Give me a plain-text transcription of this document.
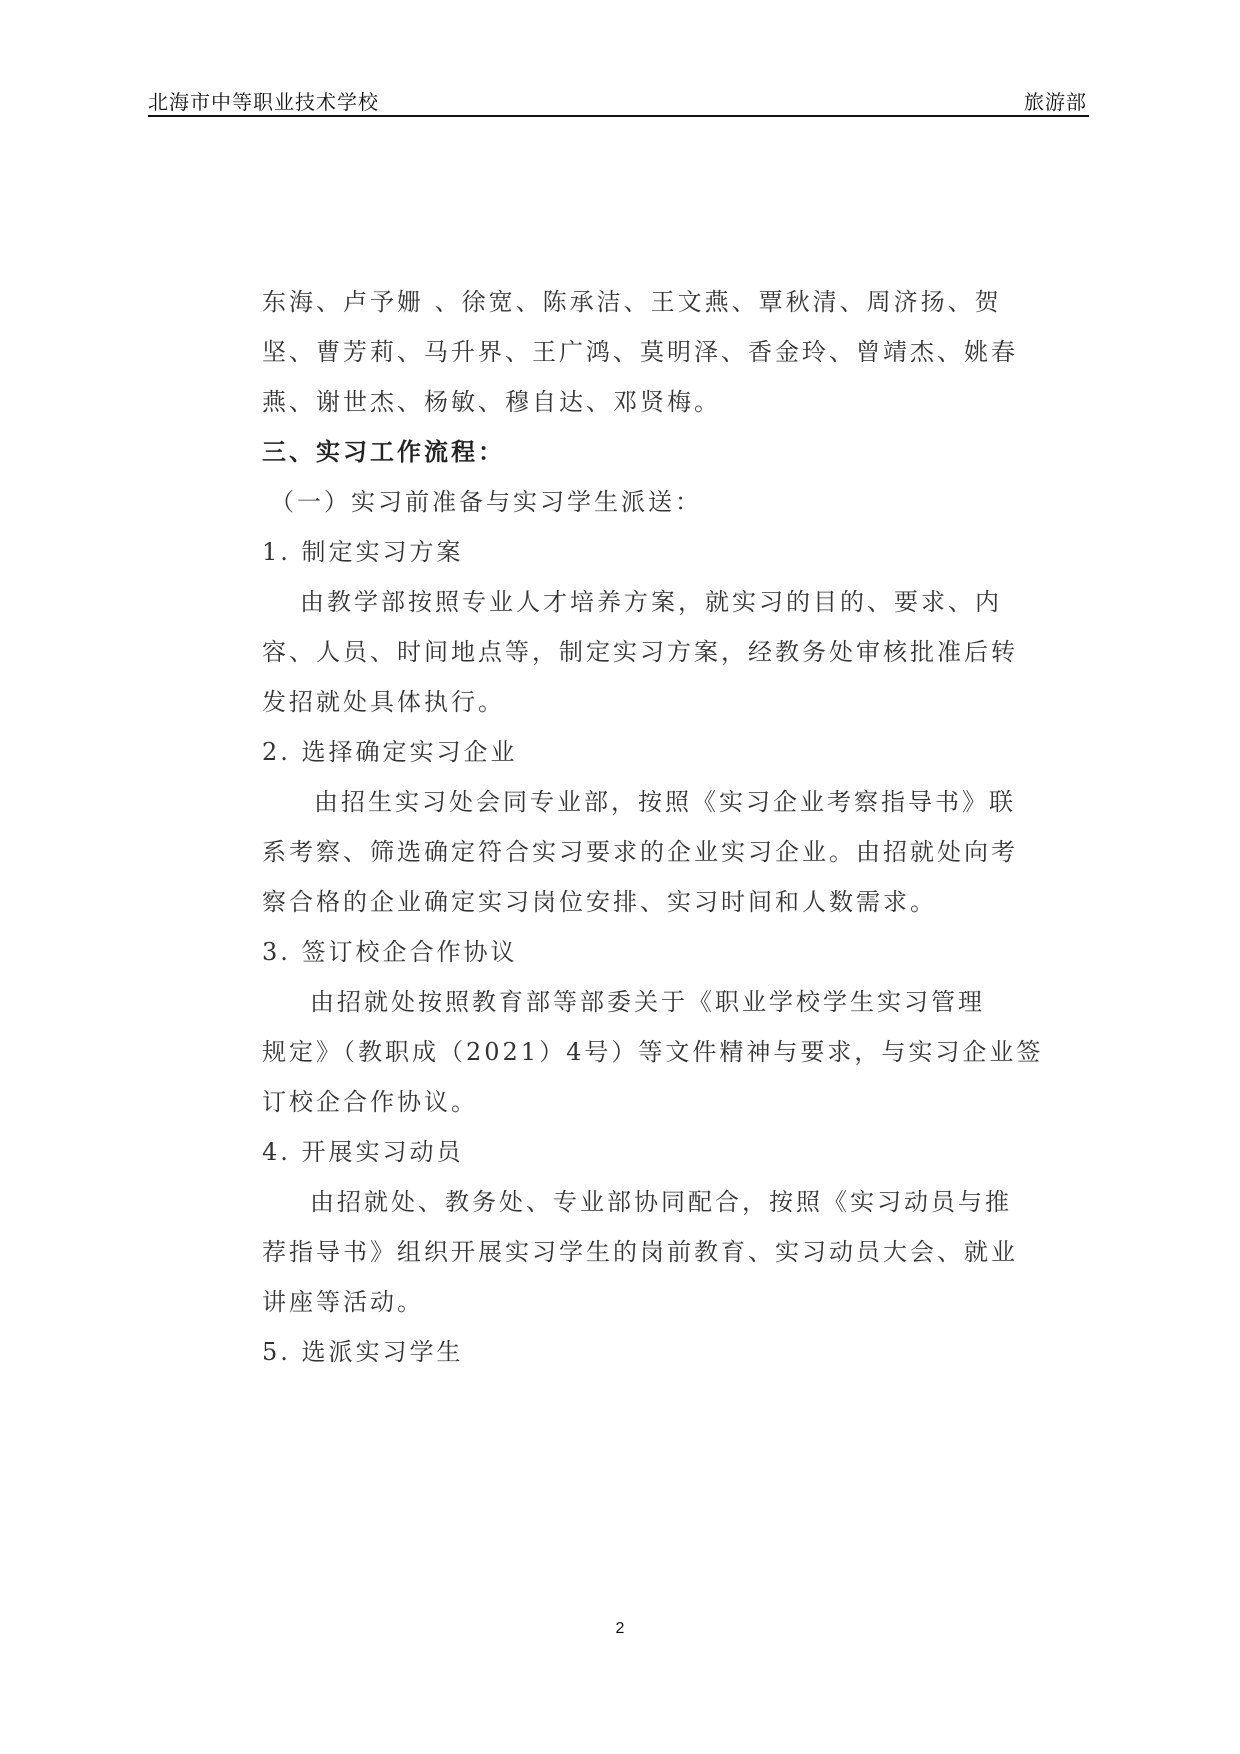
北海市中等职业技术学校	旅游部
东海、卢予姗 、徐宽、陈承洁、王文燕、覃秋清、周济扬、贺
坚、曹芳莉、马升界、王广鸿、莫明泽、香金玲、曾靖杰、姚春
燕、谢世杰、杨敏、穆自达、邓贤梅。
三、实习工作流程：
（一）实习前准备与实习学生派送：
1. 制定实习方案
由教学部按照专业人才培养方案，就实习的目的、要求、内
容、人员、时间地点等，制定实习方案，经教务处审核批准后转
发招就处具体执行。
2. 选择确定实习企业
由招生实习处会同专业部，按照《实习企业考察指导书》联
系考察、筛选确定符合实习要求的企业实习企业。由招就处向考
察合格的企业确定实习岗位安排、实习时间和人数需求。
3. 签订校企合作协议
由招就处按照教育部等部委关于《职业学校学生实习管理
规定》（教职成（2021）4号）等文件精神与要求，与实习企业签
订校企合作协议。
4. 开展实习动员
由招就处、教务处、专业部协同配合，按照《实习动员与推
荐指导书》组织开展实习学生的岗前教育、实习动员大会、就业
讲座等活动。
5. 选派实习学生
2
